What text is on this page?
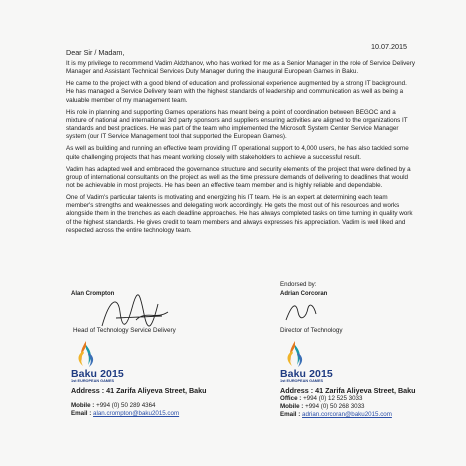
10.07.2015
Dear Sir / Madam,

It is my privilege to recommend Vadim Aldzhanov, who has worked for me as a Senior Manager in the role of Service Delivery Manager and Assistant Technical Services Duty Manager during the inaugural European Games in Baku.

He came to the project with a good blend of education and professional experience augmented by a strong IT background. He has managed a Service Delivery team with the highest standards of leadership and communication as well as being a valuable member of my management team.

His role in planning and supporting Games operations has meant being a point of coordination between BEGOC and a mixture of national and international 3rd party sponsors and suppliers ensuring activities are aligned to the organizations IT standards and best practices. He was part of the team who implemented the Microsoft System Center Service Manager system (our IT Service Management tool that supported the European Games).

As well as building and running an effective team providing IT operational support to 4,000 users, he has also tackled some quite challenging projects that has meant working closely with stakeholders to achieve a successful result.

Vadim has adapted well and embraced the governance structure and security elements of the project that were defined by a group of international consultants on the project as well as the time pressure demands of delivering to deadlines that would not be achievable in most projects. He has been an effective team member and is highly reliable and dependable.

One of Vadim's particular talents is motivating and energizing his IT team. He is an expert at determining each team member's strengths and weaknesses and delegating work accordingly. He gets the most out of his resources and works alongside them in the trenches as each deadline approaches. He has always completed tasks on time turning in quality work of the highest standards. He gives credit to team members and always expresses his appreciation. Vadim is well liked and respected across the entire technology team.

Alan Crompton
Head of Technology Service Delivery
Baku 2015
1st EUROPEAN GAMES
Address : 41 Zarifa Aliyeva Street, Baku
Mobile : +994 (0) 50 289 4364
Email : alan.crompton@baku2015.com
Endorsed by:
Adrian Corcoran
Director of Technology
Baku 2015
1st EUROPEAN GAMES
Address : 41 Zarifa Aliyeva Street, Baku
Office : +994 (0) 12 525 3033
Mobile : +994 (0) 50 268 3033
Email : adrian.corcoran@baku2015.com
